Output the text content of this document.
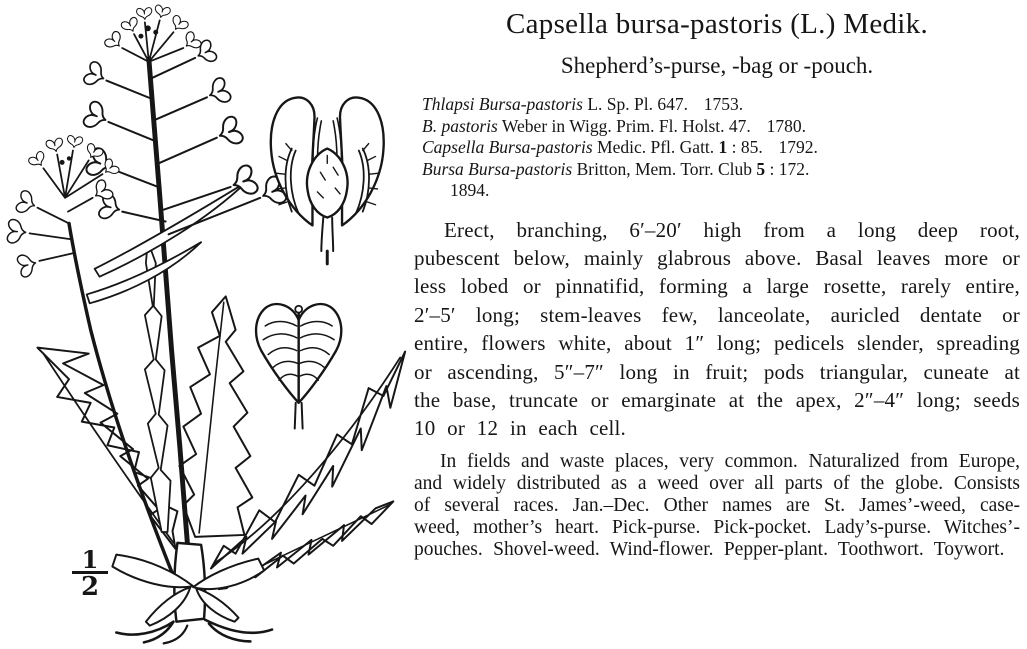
$\frac{1}{2}$
Capsella bursa-pastoris (L.) Medik.
Shepherd’s-purse, -bag or -pouch.
Thlapsi Bursa-pastoris L. Sp. Pl. 647. 1753.
B. pastoris Weber in Wigg. Prim. Fl. Holst. 47. 1780.
Capsella Bursa-pastoris Medic. Pfl. Gatt. 1 : 85. 1792.
Bursa Bursa-pastoris Britton, Mem. Torr. Club 5 : 172.
1894.

Erect, branching, 6′–20′ high from a long deep root, pubescent below, mainly glabrous above. Basal leaves more or less lobed or pinnatifid, forming a large rosette, rarely entire, 2′–5′ long; stem-leaves few, lanceolate, auricled dentate or entire, flowers white, about 1″ long; pedicels slender, spreading or ascending, 5″–7″ long in fruit; pods triangular, cuneate at the base, truncate or emarginate at the apex, 2″–4″ long; seeds 10 or 12 in each cell.

In fields and waste places, very common. Naturalized from Europe, and widely distributed as a weed over all parts of the globe. Consists of several races. Jan.–Dec. Other names are St. James’-weed, case-weed, mother’s heart. Pick-purse. Pick-pocket. Lady’s-purse. Witches’-pouches. Shovel-weed. Wind-flower. Pepper-plant. Toothwort. Toywort.
